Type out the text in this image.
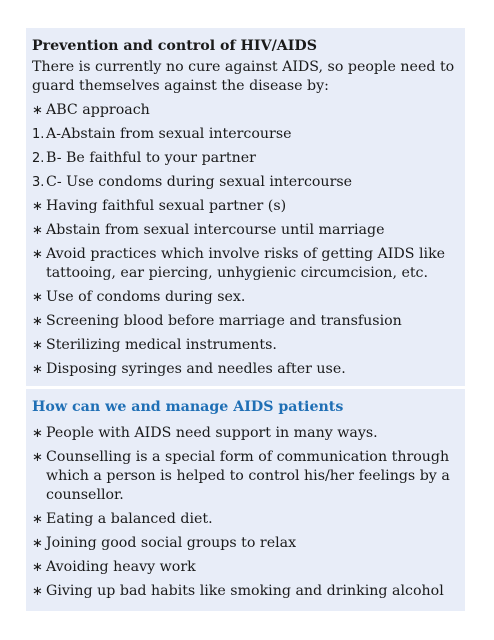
Prevention and control of HIV/AIDS
There is currently no cure against AIDS, so people need to guard themselves against the disease by:
∗ ABC approach
1. A-Abstain from sexual intercourse
2. B- Be faithful to your partner
3. C- Use condoms during sexual intercourse
∗ Having faithful sexual partner (s)
∗ Abstain from sexual intercourse until marriage
∗ Avoid practices which involve risks of getting AIDS like tattooing, ear piercing, unhygienic circumcision, etc.
∗ Use of condoms during sex.
∗ Screening blood before marriage and transfusion
∗ Sterilizing medical instruments.
∗ Disposing syringes and needles after use.
How can we and manage AIDS patients
∗ People with AIDS need support in many ways.
∗ Counselling is a special form of communication through which a person is helped to control his/her feelings by a counsellor.
∗ Eating a balanced diet.
∗ Joining good social groups to relax
∗ Avoiding heavy work
∗ Giving up bad habits like smoking and drinking alcohol
